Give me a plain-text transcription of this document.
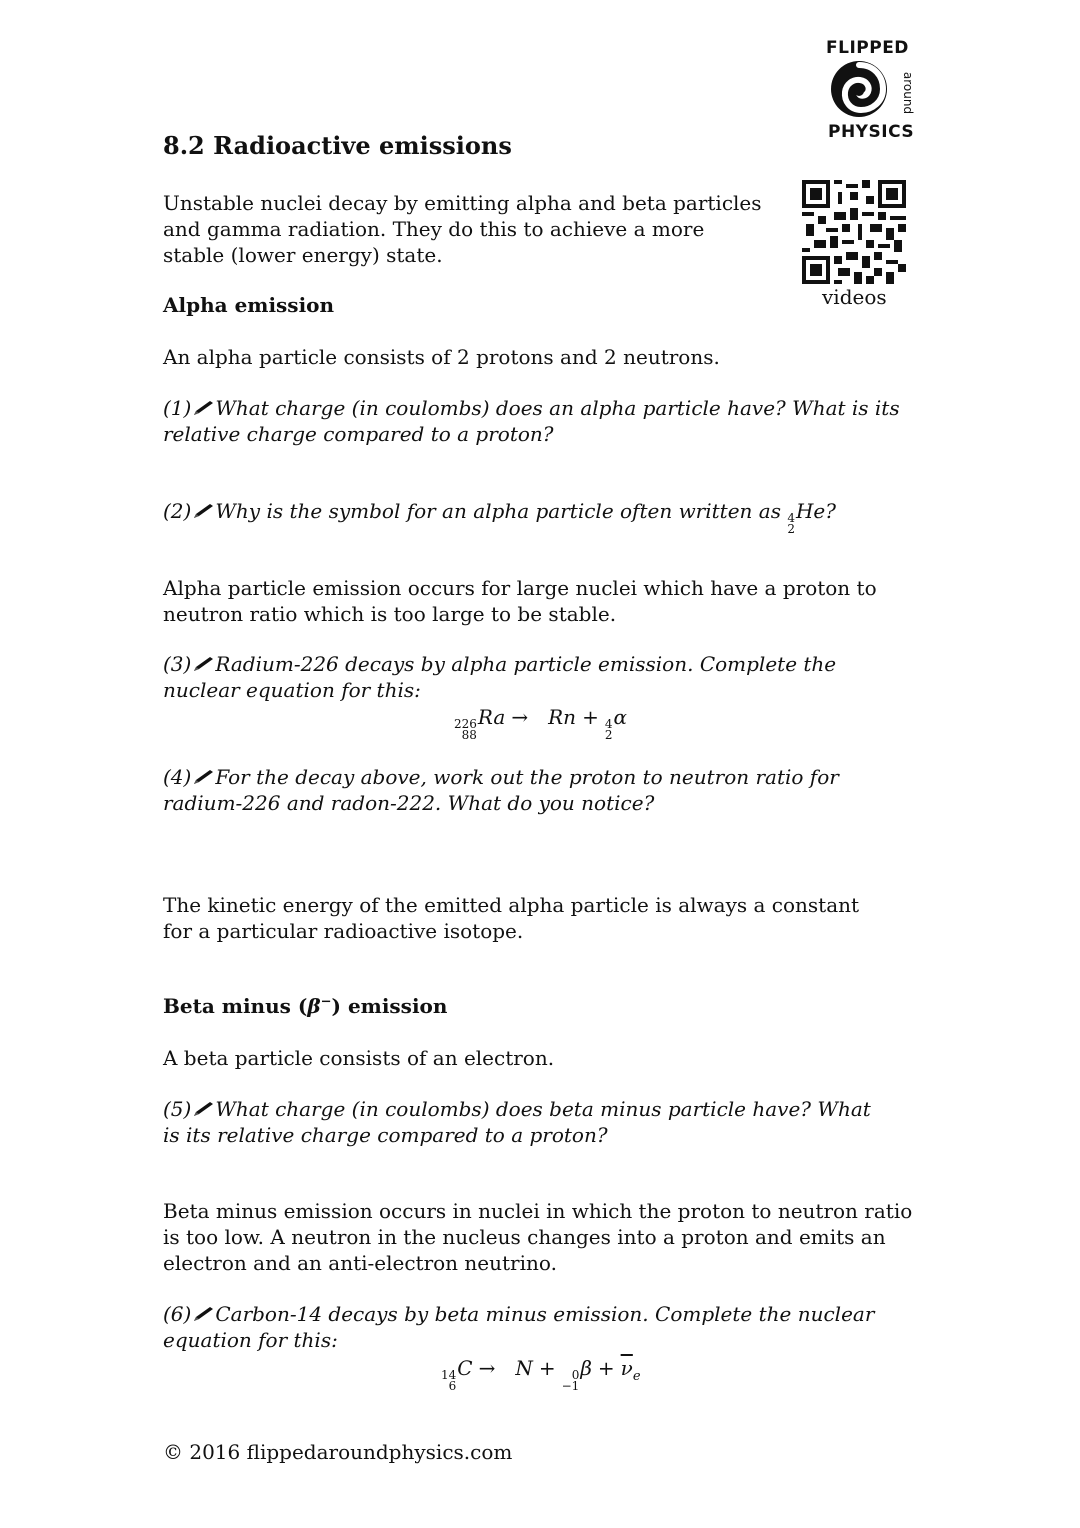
FLIPPED
around
PHYSICS
videos
8.2 Radioactive emissions

Unstable nuclei decay by emitting alpha and beta particles and gamma radiation. They do this to achieve a more stable (lower energy) state.

Alpha emission

An alpha particle consists of 2 protons and 2 neutrons.

(1) What charge (in coulombs) does an alpha particle have? What is its relative charge compared to a proton?

(2) Why is the symbol for an alpha particle often written as 4
2
He?

Alpha particle emission occurs for large nuclei which have a proton to neutron ratio which is too large to be stable.

(3) Radium-226 decays by alpha particle emission. Complete the nuclear equation for this:

226
88
Ra → Rn + 4
2
α

(4) For the decay above, work out the proton to neutron ratio for radium-226 and radon-222. What do you notice?

The kinetic energy of the emitted alpha particle is always a constant for a particular radioactive isotope.

Beta minus (β−) emission

A beta particle consists of an electron.

(5) What charge (in coulombs) does beta minus particle have? What is its relative charge compared to a proton?

Beta minus emission occurs in nuclei in which the proton to neutron ratio is too low. A neutron in the nucleus changes into a proton and emits an electron and an anti-electron neutrino.

(6) Carbon-14 decays by beta minus emission. Complete the nuclear equation for this:

14
6
C → N +	0
−1
$\beta + \overline{\nu}_e$
© 2016 flippedaroundphysics.com
